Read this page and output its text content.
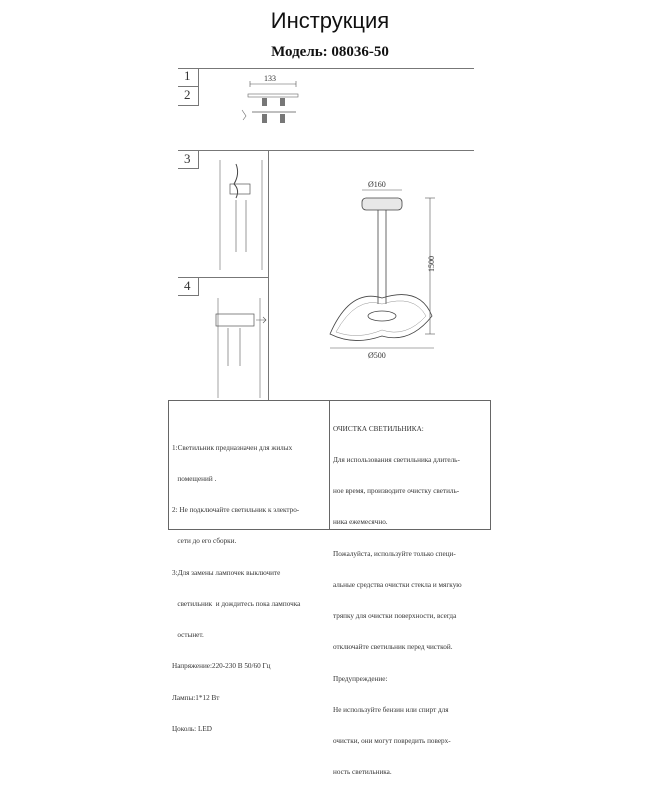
Инструкция
Модель: 08036-50
1
2
3
4
133
Ø160
1500
Ø500

1:Светильник предназначен для жилых

помещений .

2: Не подключайте светильник к электро-

сети до его сборки.

3:Для замены лампочек выключите

светильник  и дождитесь пока лампочка

остынет.

Напряжение:220-230 В 50/60 Гц

Лампы:1*12 Вт

Цоколь: LED

ОЧИСТКА СВЕТИЛЬНИКА:

Для использования светильника длитель-

ное время, производите очистку светиль-

ника ежемесячно.

Пожалуйста, используйте только специ-

альные средства очистки стекла и мягкую

тряпку для очистки поверхности, всегда

отключайте светильник перед чисткой.

Предупреждение:

Не используйте бензин или спирт для

очистки, они могут повредить поверх-

ность светильника.
